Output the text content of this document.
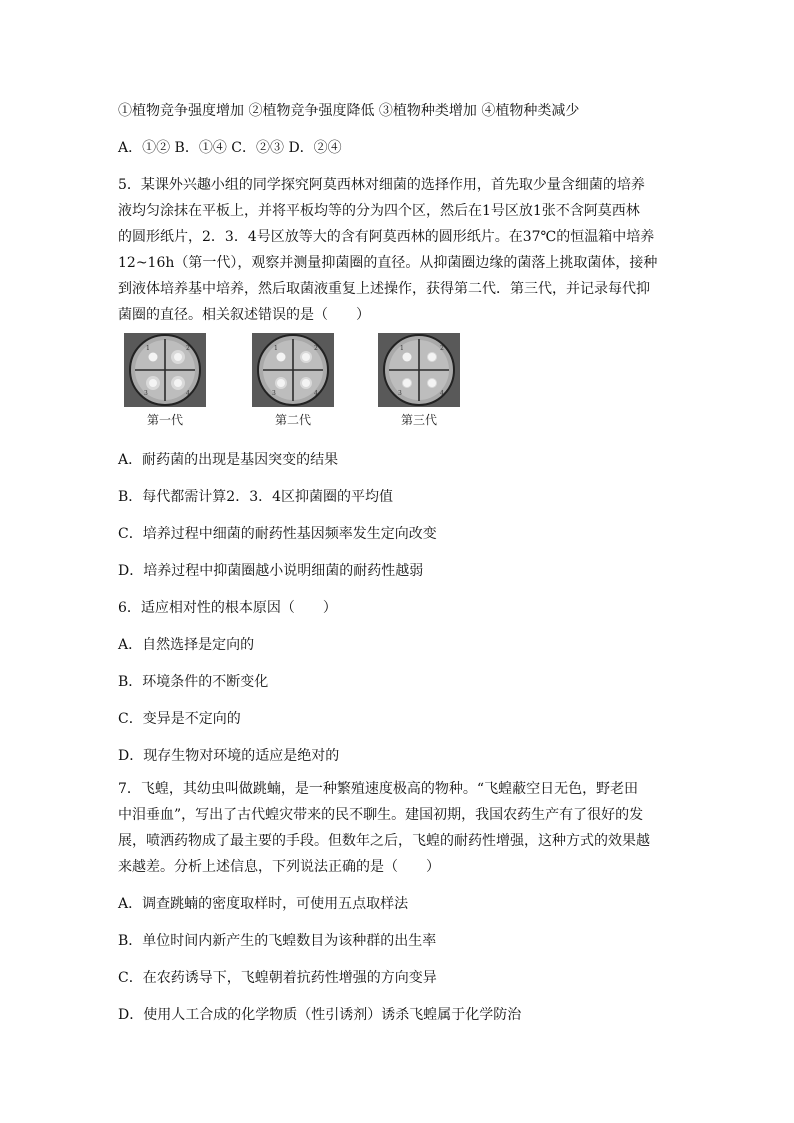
①植物竞争强度增加 ②植物竞争强度降低 ③植物种类增加 ④植物种类减少
A．①② B．①④ C．②③ D．②④
5．某课外兴趣小组的同学探究阿莫西林对细菌的选择作用，首先取少量含细菌的培养
液均匀涂抹在平板上，并将平板均等的分为四个区，然后在1号区放1张不含阿莫西林
的圆形纸片，2．3．4号区放等大的含有阿莫西林的圆形纸片。在37℃的恒温箱中培养
12~16h（第一代），观察并测量抑菌圈的直径。从抑菌圈边缘的菌落上挑取菌体，接种
到液体培养基中培养，然后取菌液重复上述操作，获得第二代．第三代，并记录每代抑
菌圈的直径。相关叙述错误的是（　　）
1	2
3	4
第一代
1	2
3	4
第二代
1	2
3	4
第三代
A．耐药菌的出现是基因突变的结果
B．每代都需计算2．3．4区抑菌圈的平均值
C．培养过程中细菌的耐药性基因频率发生定向改变
D．培养过程中抑菌圈越小说明细菌的耐药性越弱
6．适应相对性的根本原因（　　）
A．自然选择是定向的
B．环境条件的不断变化
C．变异是不定向的
D．现存生物对环境的适应是绝对的
7．飞蝗，其幼虫叫做跳蝻，是一种繁殖速度极高的物种。“飞蝗蔽空日无色，野老田
中泪垂血”，写出了古代蝗灾带来的民不聊生。建国初期，我国农药生产有了很好的发
展，喷洒药物成了最主要的手段。但数年之后，飞蝗的耐药性增强，这种方式的效果越
来越差。分析上述信息，下列说法正确的是（　　）
A．调查跳蝻的密度取样时，可使用五点取样法
B．单位时间内新产生的飞蝗数目为该种群的出生率
C．在农药诱导下，飞蝗朝着抗药性增强的方向变异
D．使用人工合成的化学物质（性引诱剂）诱杀飞蝗属于化学防治
